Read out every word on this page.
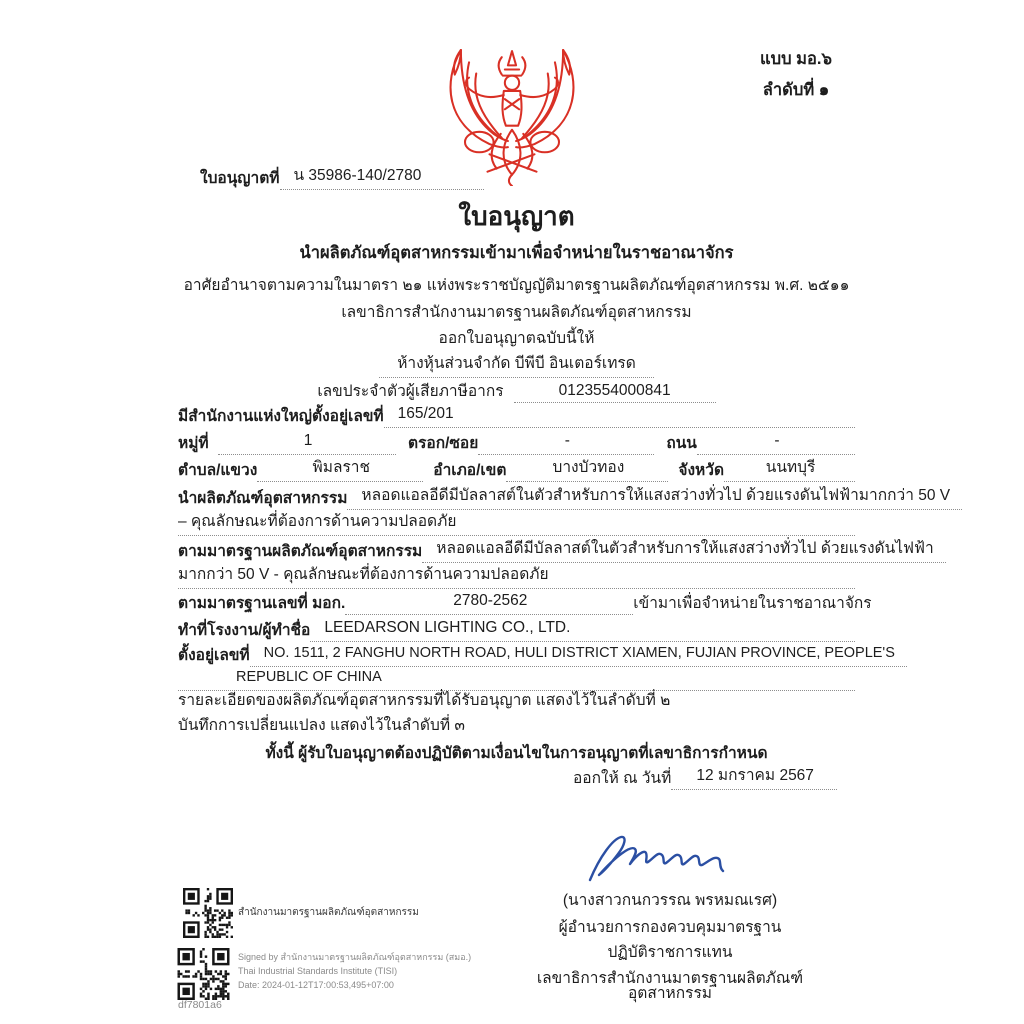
แบบ มอ.๖
ลำดับที่ ๑
ใบอนุญาตที่ น 35986-140/2780
ใบอนุญาต
นำผลิตภัณฑ์อุตสาหกรรมเข้ามาเพื่อจำหน่ายในราชอาณาจักร
อาศัยอำนาจตามความในมาตรา ๒๑ แห่งพระราชบัญญัติมาตรฐานผลิตภัณฑ์อุตสาหกรรม พ.ศ. ๒๕๑๑
เลขาธิการสำนักงานมาตรฐานผลิตภัณฑ์อุตสาหกรรม
ออกใบอนุญาตฉบับนี้ให้
ห้างหุ้นส่วนจำกัด บีพีบี อินเตอร์เทรด
เลขประจำตัวผู้เสียภาษีอากร	0123554000841
มีสำนักงานแห่งใหญ่ตั้งอยู่เลขที่ 165/201
หมู่ที่	1	ตรอก/ซอย	-	ถนน	-
ตำบล/แขวง	พิมลราช	อำเภอ/เขต	บางบัวทอง	จังหวัด	นนทบุรี
นำผลิตภัณฑ์อุตสาหกรรม หลอดแอลอีดีมีบัลลาสต์ในตัวสำหรับการให้แสงสว่างทั่วไป ด้วยแรงดันไฟฟ้ามากกว่า 50 V
– คุณลักษณะที่ต้องการด้านความปลอดภัย
ตามมาตรฐานผลิตภัณฑ์อุตสาหกรรม หลอดแอลอีดีมีบัลลาสต์ในตัวสำหรับการให้แสงสว่างทั่วไป ด้วยแรงดันไฟฟ้า
มากกว่า 50 V - คุณลักษณะที่ต้องการด้านความปลอดภัย
ตามมาตรฐานเลขที่ มอก.	2780-2562	เข้ามาเพื่อจำหน่ายในราชอาณาจักร
ทำที่โรงงาน/ผู้ทำชื่อ LEEDARSON LIGHTING CO., LTD.
ตั้งอยู่เลขที่ NO. 1511, 2 FANGHU NORTH ROAD, HULI DISTRICT XIAMEN, FUJIAN PROVINCE, PEOPLE'S
REPUBLIC OF CHINA
รายละเอียดของผลิตภัณฑ์อุตสาหกรรมที่ได้รับอนุญาต แสดงไว้ในลำดับที่ ๒
บันทึกการเปลี่ยนแปลง แสดงไว้ในลำดับที่ ๓
ทั้งนี้ ผู้รับใบอนุญาตต้องปฏิบัติตามเงื่อนไขในการอนุญาตที่เลขาธิการกำหนด
ออกให้ ณ วันที่	12 มกราคม 2567
(นางสาวกนกวรรณ พรหมณเรศ)
ผู้อำนวยการกองควบคุมมาตรฐาน
ปฏิบัติราชการแทน
เลขาธิการสำนักงานมาตรฐานผลิตภัณฑ์อุตสาหกรรม
สำนักงานมาตรฐานผลิตภัณฑ์อุตสาหกรรม
Signed by สำนักงานมาตรฐานผลิตภัณฑ์อุตสาหกรรม (สมอ.)
Thai Industrial Standards Institute (TISI)
Date: 2024-01-12T17:00:53,495+07:00
df7801a6
